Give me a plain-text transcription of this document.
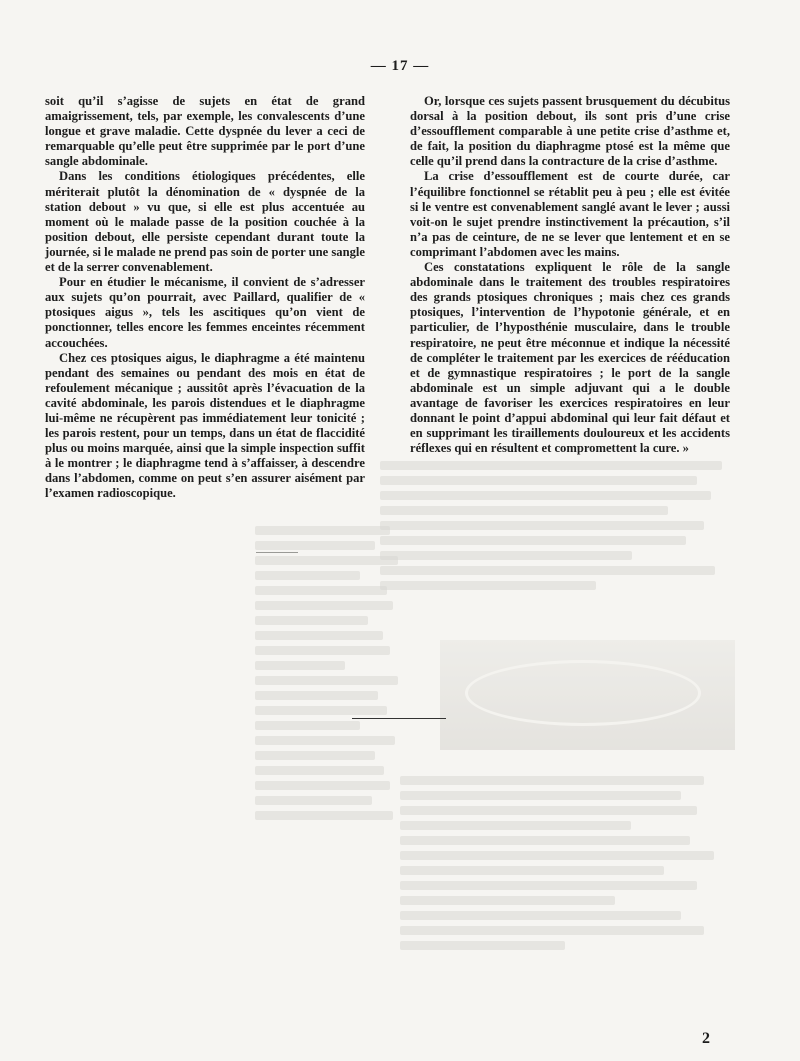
— 17 —

soit qu’il s’agisse de sujets en état de grand amaigrissement, tels, par exemple, les convalescents d’une longue et grave maladie. Cette dyspnée du lever a ceci de remarquable qu’elle peut être supprimée par le port d’une sangle abdominale.

Dans les conditions étiologiques précédentes, elle mériterait plutôt la dénomination de « dyspnée de la station debout » vu que, si elle est plus accentuée au moment où le malade passe de la position couchée à la position debout, elle persiste cependant durant toute la journée, si le malade ne prend pas soin de porter une sangle et de la serrer convenablement.

Pour en étudier le mécanisme, il convient de s’adresser aux sujets qu’on pourrait, avec Paillard, qualifier de « ptosiques aigus », tels les ascitiques qu’on vient de ponctionner, telles encore les femmes enceintes récemment accouchées.

Chez ces ptosiques aigus, le diaphragme a été maintenu pendant des semaines ou pendant des mois en état de refoulement mécanique ; aussitôt après l’évacuation de la cavité abdominale, les parois distendues et le diaphragme lui-même ne récupèrent pas immédiatement leur tonicité ; les parois restent, pour un temps, dans un état de flaccidité plus ou moins marquée, ainsi que la simple inspection suffit à le montrer ; le diaphragme tend à s’affaisser, à descendre dans l’abdomen, comme on peut s’en assurer aisément par l’examen radioscopique.

Or, lorsque ces sujets passent brusquement du décubitus dorsal à la position debout, ils sont pris d’une crise d’essoufflement comparable à une petite crise d’asthme et, de fait, la position du diaphragme ptosé est la même que celle qu’il prend dans la contracture de la crise d’asthme.

La crise d’essoufflement est de courte durée, car l’équilibre fonctionnel se rétablit peu à peu ; elle est évitée si le ventre est convenablement sanglé avant le lever ; aussi voit-on le sujet prendre instinctivement la précaution, s’il n’a pas de ceinture, de ne se lever que lentement et en se comprimant l’abdomen avec les mains.

Ces constatations expliquent le rôle de la sangle abdominale dans le traitement des troubles respiratoires des grands ptosiques chroniques ; mais chez ces grands ptosiques, l’intervention de l’hypotonie générale, et en particulier, de l’hyposthénie musculaire, dans le trouble respiratoire, ne peut être méconnue et indique la nécessité de compléter le traitement par les exercices de rééducation et de gymnastique respiratoires ; le port de la sangle abdominale est un simple adjuvant qui a le double avantage de favoriser les exercices respiratoires en leur donnant le point d’appui abdominal qui leur fait défaut et en supprimant les tiraillements douloureux et les accidents réflexes qui en résultent et compromettent la cure. »

2
